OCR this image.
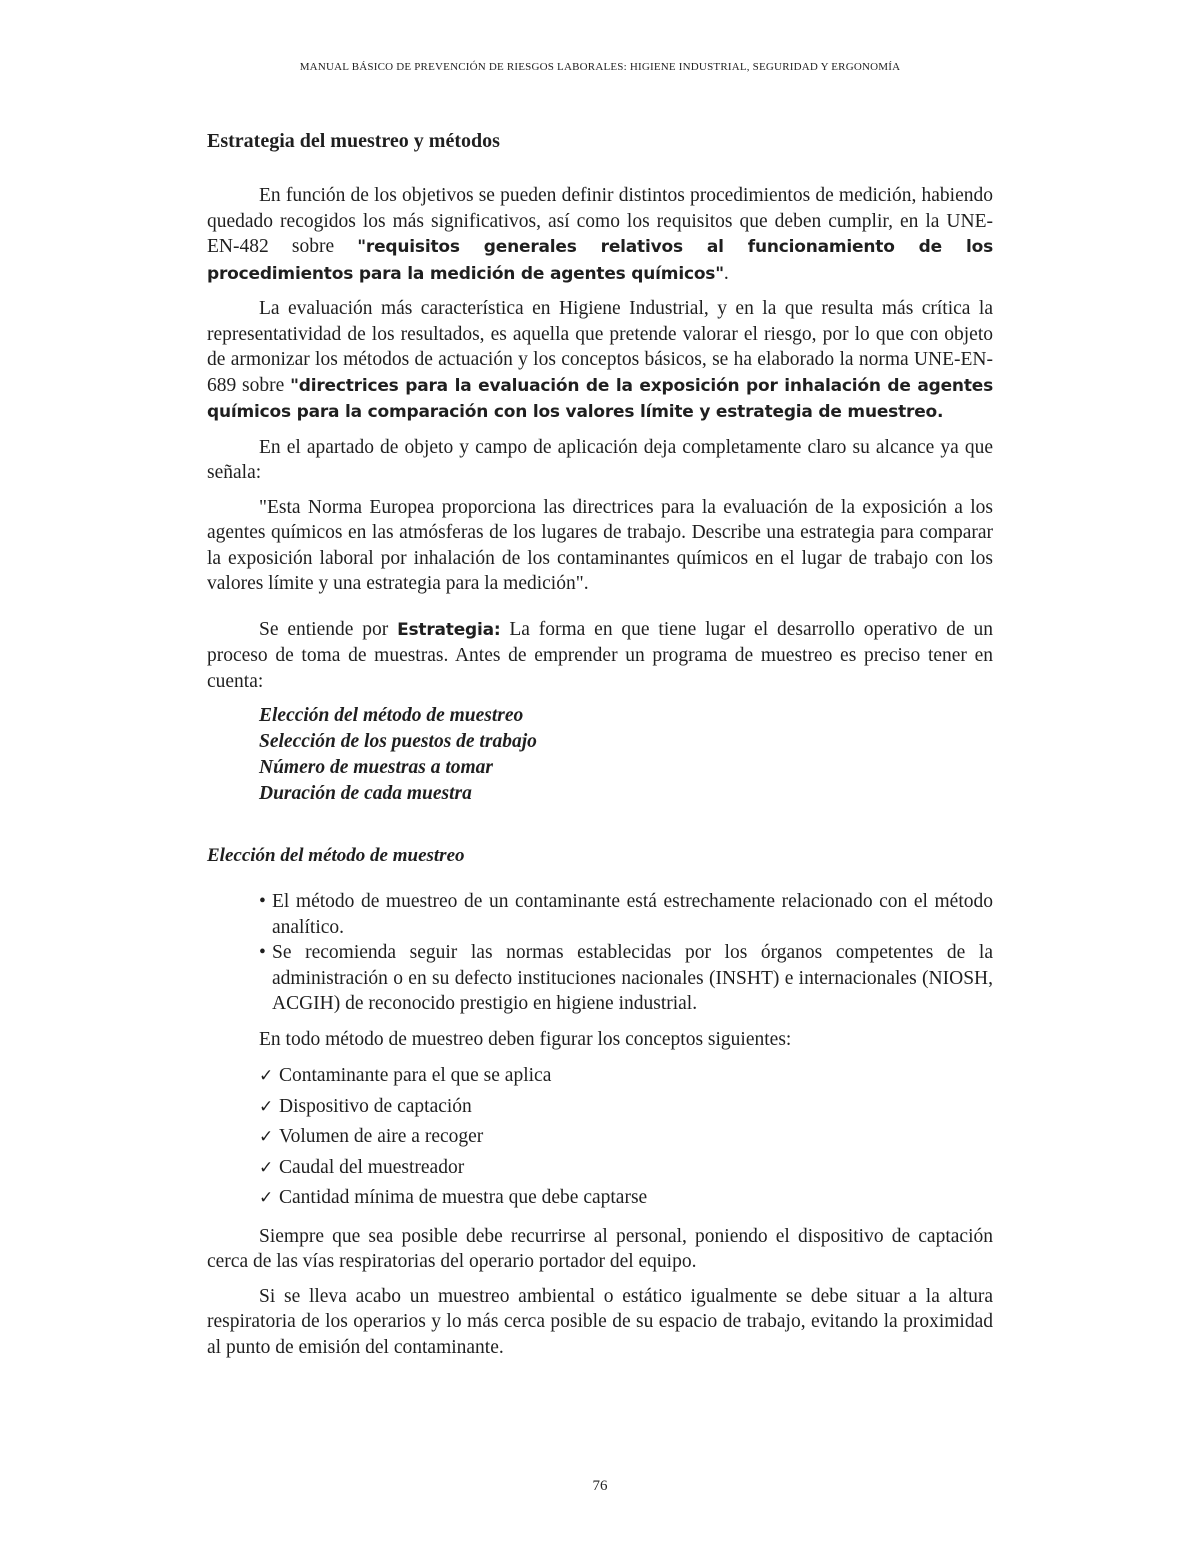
MANUAL BÁSICO DE PREVENCIÓN DE RIESGOS LABORALES: HIGIENE INDUSTRIAL, SEGURIDAD Y ERGONOMÍA
Estrategia del muestreo y métodos

En función de los objetivos se pueden definir distintos procedimientos de medición, habiendo quedado recogidos los más significativos, así como los requisitos que deben cumplir, en la UNE-EN-482 sobre "requisitos generales relativos al funcionamiento de los procedimientos para la medición de agentes químicos".

La evaluación más característica en Higiene Industrial, y en la que resulta más crítica la representatividad de los resultados, es aquella que pretende valorar el riesgo, por lo que con objeto de armonizar los métodos de actuación y los conceptos básicos, se ha elaborado la norma UNE-EN-689 sobre "directrices para la evaluación de la exposición por inhalación de agentes químicos para la comparación con los valores límite y estrategia de muestreo.

En el apartado de objeto y campo de aplicación deja completamente claro su alcance ya que señala:

"Esta Norma Europea proporciona las directrices para la evaluación de la exposición a los agentes químicos en las atmósferas de los lugares de trabajo. Describe una estrategia para comparar la exposición laboral por inhalación de los contaminantes químicos en el lugar de trabajo con los valores límite y una estrategia para la medición".

Se entiende por Estrategia: La forma en que tiene lugar el desarrollo operativo de un proceso de toma de muestras. Antes de emprender un programa de muestreo es preciso tener en cuenta:

Elección del método de muestreo
Selección de los puestos de trabajo
Número de muestras a tomar
Duración de cada muestra
Elección del método de muestreo
• El método de muestreo de un contaminante está estrechamente relacionado con el método analítico.
• Se recomienda seguir las normas establecidas por los órganos competentes de la administración o en su defecto instituciones nacionales (INSHT) e internacionales (NIOSH, ACGIH) de reconocido prestigio en higiene industrial.

En todo método de muestreo deben figurar los conceptos siguientes:

✓ Contaminante para el que se aplica
✓ Dispositivo de captación
✓ Volumen de aire a recoger
✓ Caudal del muestreador
✓ Cantidad mínima de muestra que debe captarse

Siempre que sea posible debe recurrirse al personal, poniendo el dispositivo de captación cerca de las vías respiratorias del operario portador del equipo.

Si se lleva acabo un muestreo ambiental o estático igualmente se debe situar a la altura respiratoria de los operarios y lo más cerca posible de su espacio de trabajo, evitando la proximidad al punto de emisión del contaminante.

76
